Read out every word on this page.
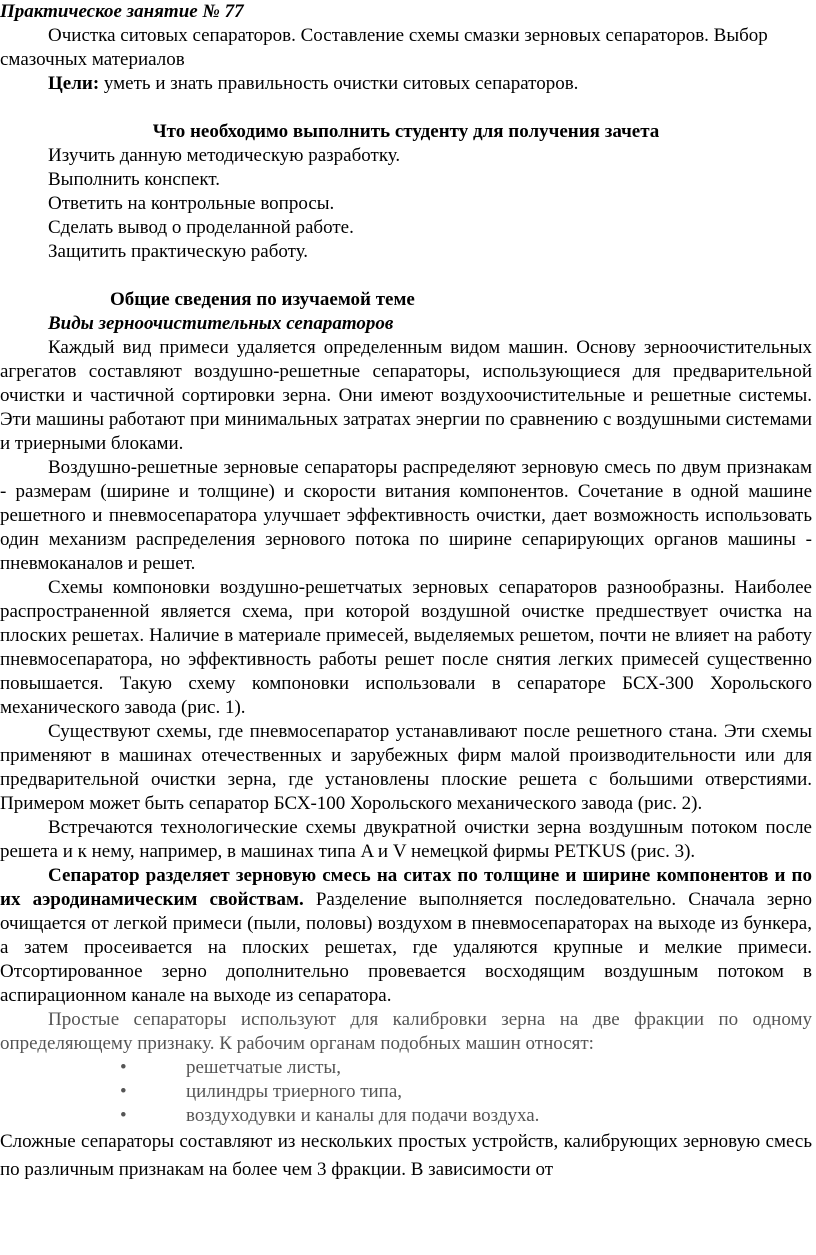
Практическое занятие № 77

Очистка ситовых сепараторов. Составление схемы смазки зерновых сепараторов. Выбор смазочных материалов

Цели: уметь и знать правильность очистки ситовых сепараторов.

Что необходимо выполнить студенту для получения зачета

Изучить данную методическую разработку.

Выполнить конспект.

Ответить на контрольные вопросы.

Сделать вывод о проделанной работе.

Защитить практическую работу.

Общие сведения по изучаемой теме

Виды зерноочистительных сепараторов

Каждый вид примеси удаляется определенным видом машин. Основу зерноочистительных агрегатов составляют воздушно-решетные сепараторы, использующиеся для предварительной очистки и частичной сортировки зерна. Они имеют воздухоочистительные и решетные системы. Эти машины работают при минимальных затратах энергии по сравнению с воздушными системами и триерными блоками.

Воздушно-решетные зерновые сепараторы распределяют зерновую смесь по двум признакам - размерам (ширине и толщине) и скорости витания компонентов. Сочетание в одной машине решетного и пневмосепаратора улучшает эффективность очистки, дает возможность использовать один механизм распределения зернового потока по ширине сепарирующих органов машины - пневмоканалов и решет.

Схемы компоновки воздушно-решетчатых зерновых сепараторов разнообразны. Наиболее распространенной является схема, при которой воздушной очистке предшествует очистка на плоских решетах. Наличие в материале примесей, выделяемых решетом, почти не влияет на работу пневмосепаратора, но эффективность работы решет после снятия легких примесей существенно повышается. Такую схему компоновки использовали в сепараторе БСХ-300 Хорольского механического завода (рис. 1).

Существуют схемы, где пневмосепаратор устанавливают после решетного стана. Эти схемы применяют в машинах отечественных и зарубежных фирм малой производительности или для предварительной очистки зерна, где установлены плоские решета с большими отверстиями. Примером может быть сепаратор БСХ-100 Хорольского механического завода (рис. 2).

Встречаются технологические схемы двукратной очистки зерна воздушным потоком после решета и к нему, например, в машинах типа A и V немецкой фирмы PETKUS (рис. 3).

Сепаратор разделяет зерновую смесь на ситах по толщине и ширине компонентов и по их аэродинамическим свойствам. Разделение выполняется последовательно. Сначала зерно очищается от легкой примеси (пыли, половы) воздухом в пневмосепараторах на выходе из бункера, а затем просеивается на плоских решетах, где удаляются крупные и мелкие примеси. Отсортированное зерно дополнительно провевается восходящим воздушным потоком в аспирационном канале на выходе из сепаратора.

Простые сепараторы используют для калибровки зерна на две фракции по одному определяющему признаку. К рабочим органам подобных машин относят:

•	решетчатые листы,
•	цилиндры триерного типа,
•	воздуходувки и каналы для подачи воздуха.

Сложные сепараторы составляют из нескольких простых устройств, калибрующих зерновую смесь по различным признакам на более чем 3 фракции. В зависимости от
